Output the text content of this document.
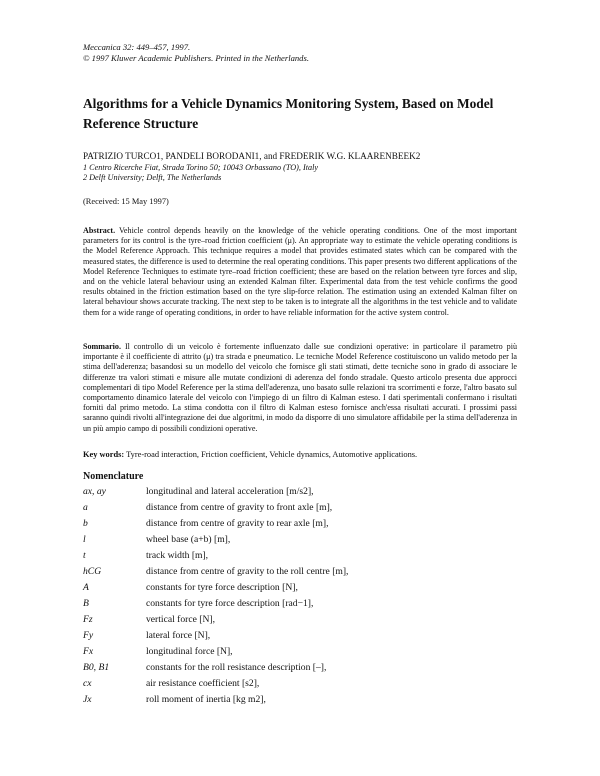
Meccanica 32: 449–457, 1997.
© 1997 Kluwer Academic Publishers. Printed in the Netherlands.
Algorithms for a Vehicle Dynamics Monitoring System, Based on Model Reference Structure
PATRIZIO TURCO1, PANDELI BORODANI1, and FREDERIK W.G. KLAARENBEEK2
1 Centro Ricerche Fiat, Strada Torino 50; 10043 Orbassano (TO), Italy
2 Delft University; Delft, The Netherlands
(Received: 15 May 1997)
Abstract. Vehicle control depends heavily on the knowledge of the vehicle operating conditions. One of the most important parameters for its control is the tyre–road friction coefficient (μ). An appropriate way to estimate the vehicle operating conditions is the Model Reference Approach. This technique requires a model that provides estimated states which can be compared with the measured states, the difference is used to determine the real operating conditions. This paper presents two different applications of the Model Reference Techniques to estimate tyre–road friction coefficient; these are based on the relation between tyre forces and slip, and on the vehicle lateral behaviour using an extended Kalman filter. Experimental data from the test vehicle confirms the good results obtained in the friction estimation based on the tyre slip-force relation. The estimation using an extended Kalman filter on lateral behaviour shows accurate tracking. The next step to be taken is to integrate all the algorithms in the test vehicle and to validate them for a wide range of operating conditions, in order to have reliable information for the active system control.
Sommario. Il controllo di un veicolo è fortemente influenzato dalle sue condizioni operative: in particolare il parametro più importante è il coefficiente di attrito (μ) tra strada e pneumatico. Le tecniche Model Reference costituiscono un valido metodo per la stima dell'aderenza; basandosi su un modello del veicolo che fornisce gli stati stimati, dette tecniche sono in grado di associare le differenze tra valori stimati e misure alle mutate condizioni di aderenza del fondo stradale. Questo articolo presenta due approcci complementari di tipo Model Reference per la stima dell'aderenza, uno basato sulle relazioni tra scorrimenti e forze, l'altro basato sul comportamento dinamico laterale del veicolo con l'impiego di un filtro di Kalman esteso. I dati sperimentali confermano i risultati forniti dal primo metodo. La stima condotta con il filtro di Kalman esteso fornisce anch'essa risultati accurati. I prossimi passi saranno quindi rivolti all'integrazione dei due algoritmi, in modo da disporre di uno simulatore affidabile per la stima dell'aderenza in un più ampio campo di possibili condizioni operative.
Key words: Tyre-road interaction, Friction coefficient, Vehicle dynamics, Automotive applications.
Nomenclature
ax, ay	longitudinal and lateral acceleration [m/s2],
a	distance from centre of gravity to front axle [m],
b	distance from centre of gravity to rear axle [m],
l	wheel base (a+b) [m],
t	track width [m],
hCG	distance from centre of gravity to the roll centre [m],
A	constants for tyre force description [N],
B	constants for tyre force description [rad−1],
Fz	vertical force [N],
Fy	lateral force [N],
Fx	longitudinal force [N],
B0, B1	constants for the roll resistance description [–],
cx	air resistance coefficient [s2],
Jx	roll moment of inertia [kg m2],
